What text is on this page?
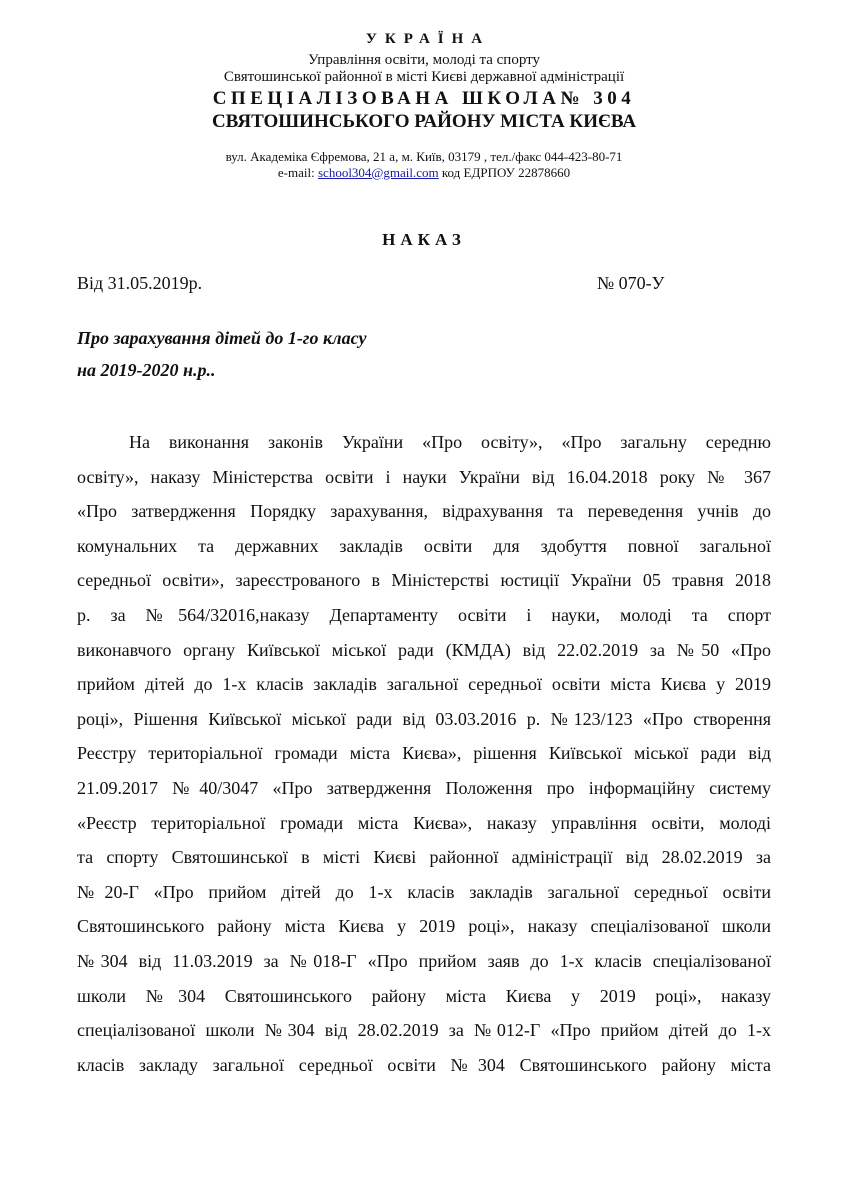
УКРАЇНА
Управління освіти, молоді та спорту
Святошинської районної в місті Києві державної адміністрації
СПЕЦІАЛІЗОВАНА ШКОЛА№ 304
СВЯТОШИНСЬКОГО РАЙОНУ МІСТА КИЄВА
вул. Академіка Єфремова, 21 а, м. Київ, 03179 , тел./факс 044-423-80-71
e-mail: school304@gmail.com код ЕДРПОУ 22878660
НАКАЗ
Від 31.05.2019р.	№ 070-У
Про зарахування дітей до 1-го класу
на 2019-2020 н.р..
На виконання законів України «Про освіту», «Про загальну середню
освіту», наказу Міністерства освіти і науки України від 16.04.2018 року № 367
«Про затвердження Порядку зарахування, відрахування та переведення учнів до
комунальних та державних закладів освіти для здобуття повної загальної
середньої освіти», зареєстрованого в Міністерстві юстиції України 05 травня 2018
р. за №564/32016,наказу Департаменту освіти і науки, молоді та спорт
виконавчого органу Київської міської ради (КМДА) від 22.02.2019 за №50 «Про
прийом дітей до 1-х класів закладів загальної середньої освіти міста Києва у 2019
році», Рішення Київської міської ради від 03.03.2016 р. №123/123 «Про створення
Реєстру територіальної громади міста Києва», рішення Київської міської ради від
21.09.2017 №40/3047 «Про затвердження Положення про інформаційну систему
«Реєстр територіальної громади міста Києва», наказу управління освіти, молоді
та спорту Святошинської в місті Києві районної адміністрації від 28.02.2019 за
№20-Г «Про прийом дітей до 1-х класів закладів загальної середньої освіти
Святошинського району міста Києва у 2019 році», наказу спеціалізованої школи
№304 від 11.03.2019 за №018-Г «Про прийом заяв до 1-х класів спеціалізованої
школи №304 Святошинського району міста Києва у 2019 році», наказу
спеціалізованої школи №304 від 28.02.2019 за №012-Г «Про прийом дітей до 1-х
класів закладу загальної середньої освіти №304 Святошинського району міста
